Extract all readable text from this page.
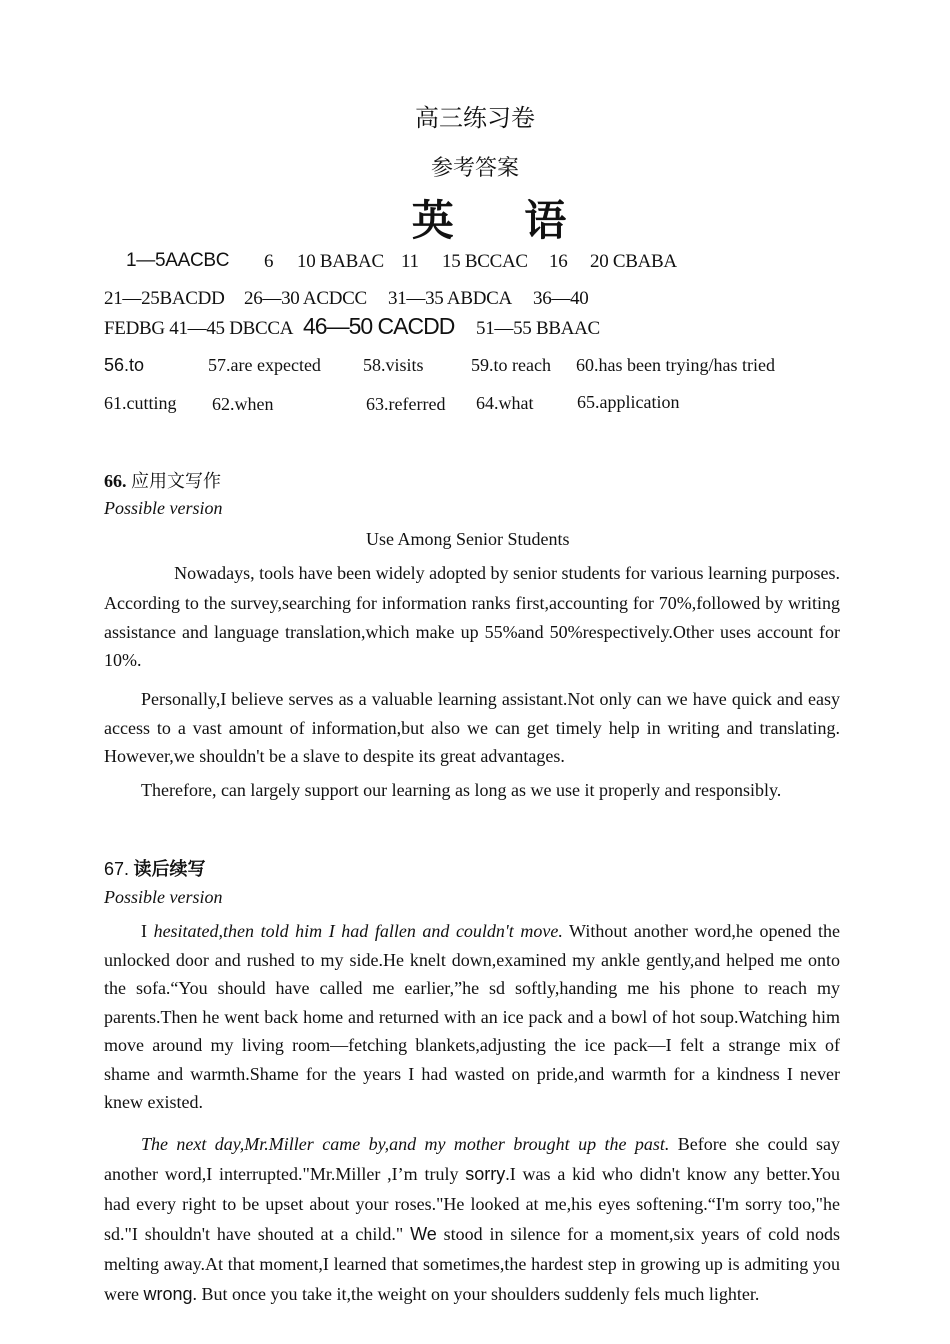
高三练习卷
参考答案
英 语
1—5AACBC 6 10 BABAC 11 15 BCCAC 16 20 CBABA
21—25BACDD 26—30 ACDCC 31—35 ABDCA 36—40
FEDBG 41—45 DBCCA 46—50 CACDD 51—55 BBAAC
56.to	57.are expected 58.visits	59.to reach 60.has been trying/has tried
61.cutting 62.when	63.referred 64.what 65.application
66. 应用文写作
Possible version
Use Among Senior Students
Nowadays, tools have been widely adopted by senior students for various learning purposes.
According to the survey,searching for information ranks first,accounting for 70%,followed by writing assistance and language translation,which make up 55%and 50%respectively.Other uses account for 10%.
Personally,I believe serves as a valuable learning assistant.Not only can we have quick and easy access to a vast amount of information,but also we can get timely help in writing and translating. However,we shouldn't be a slave to despite its great advantages.
Therefore, can largely support our learning as long as we use it properly and responsibly.
67. 读后续写
Possible version
I hesitated,then told him I had fallen and couldn't move. Without another word,he opened the unlocked door and rushed to my side.He knelt down,examined my ankle gently,and helped me onto the sofa.“You should have called me earlier,”he sd softly,handing me his phone to reach my parents.Then he went back home and returned with an ice pack and a bowl of hot soup.Watching him move around my living room—fetching blankets,adjusting the ice pack—I felt a strange mix of shame and warmth.Shame for the years I had wasted on pride,and warmth for a kindness I never knew existed.
The next day,Mr.Miller came by,and my mother brought up the past. Before she could say another word,I interrupted."Mr.Miller ,I’m truly sorry.I was a kid who didn't know any better.You had every right to be upset about your roses."He looked at me,his eyes softening.“I'm sorry too,"he sd."I shouldn't have shouted at a child." We stood in silence for a moment,six years of cold nods melting away.At that moment,I learned that sometimes,the hardest step in growing up is admiting you were wrong. But once you take it,the weight on your shoulders suddenly fels much lighter.
